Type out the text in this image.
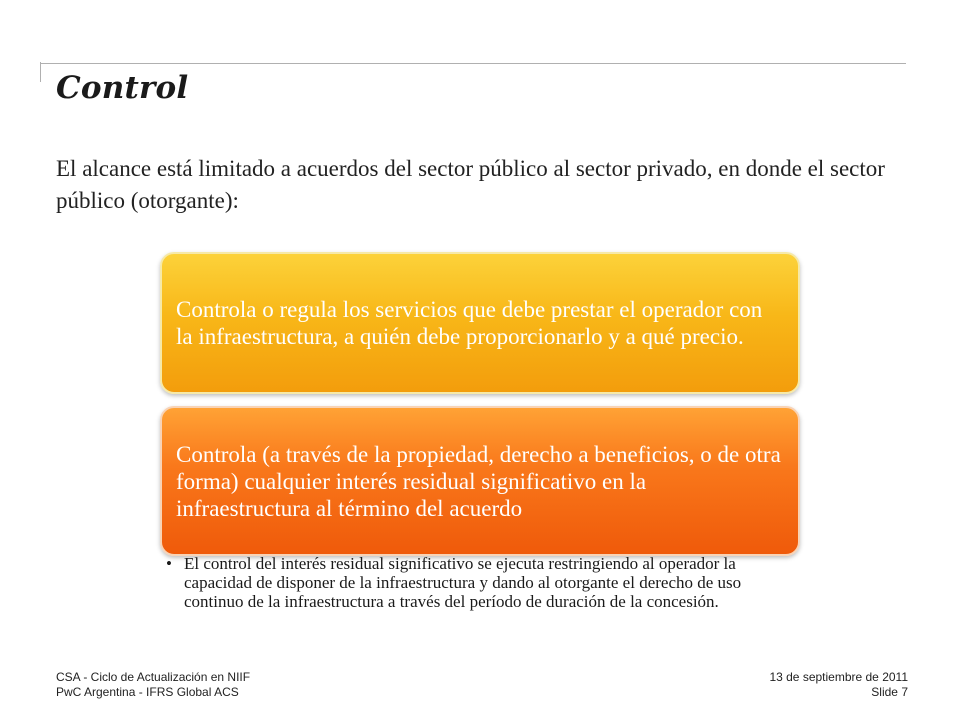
Control

El alcance está limitado a acuerdos del sector público al sector privado, en donde el sector público (otorgante):

Controla o regula los servicios que debe prestar el operador con la infraestructura, a quién debe proporcionarlo y a qué precio.
Controla (a través de la propiedad, derecho a beneficios, o de otra forma) cualquier interés residual significativo en la infraestructura al término del acuerdo
• El control del interés residual significativo se ejecuta restringiendo al operador la capacidad de disponer de la infraestructura y dando al otorgante el derecho de uso continuo de la infraestructura a través del período de duración de la concesión.
CSA - Ciclo de Actualización en NIIF
PwC Argentina - IFRS Global ACS
13 de septiembre de 2011
Slide 7
